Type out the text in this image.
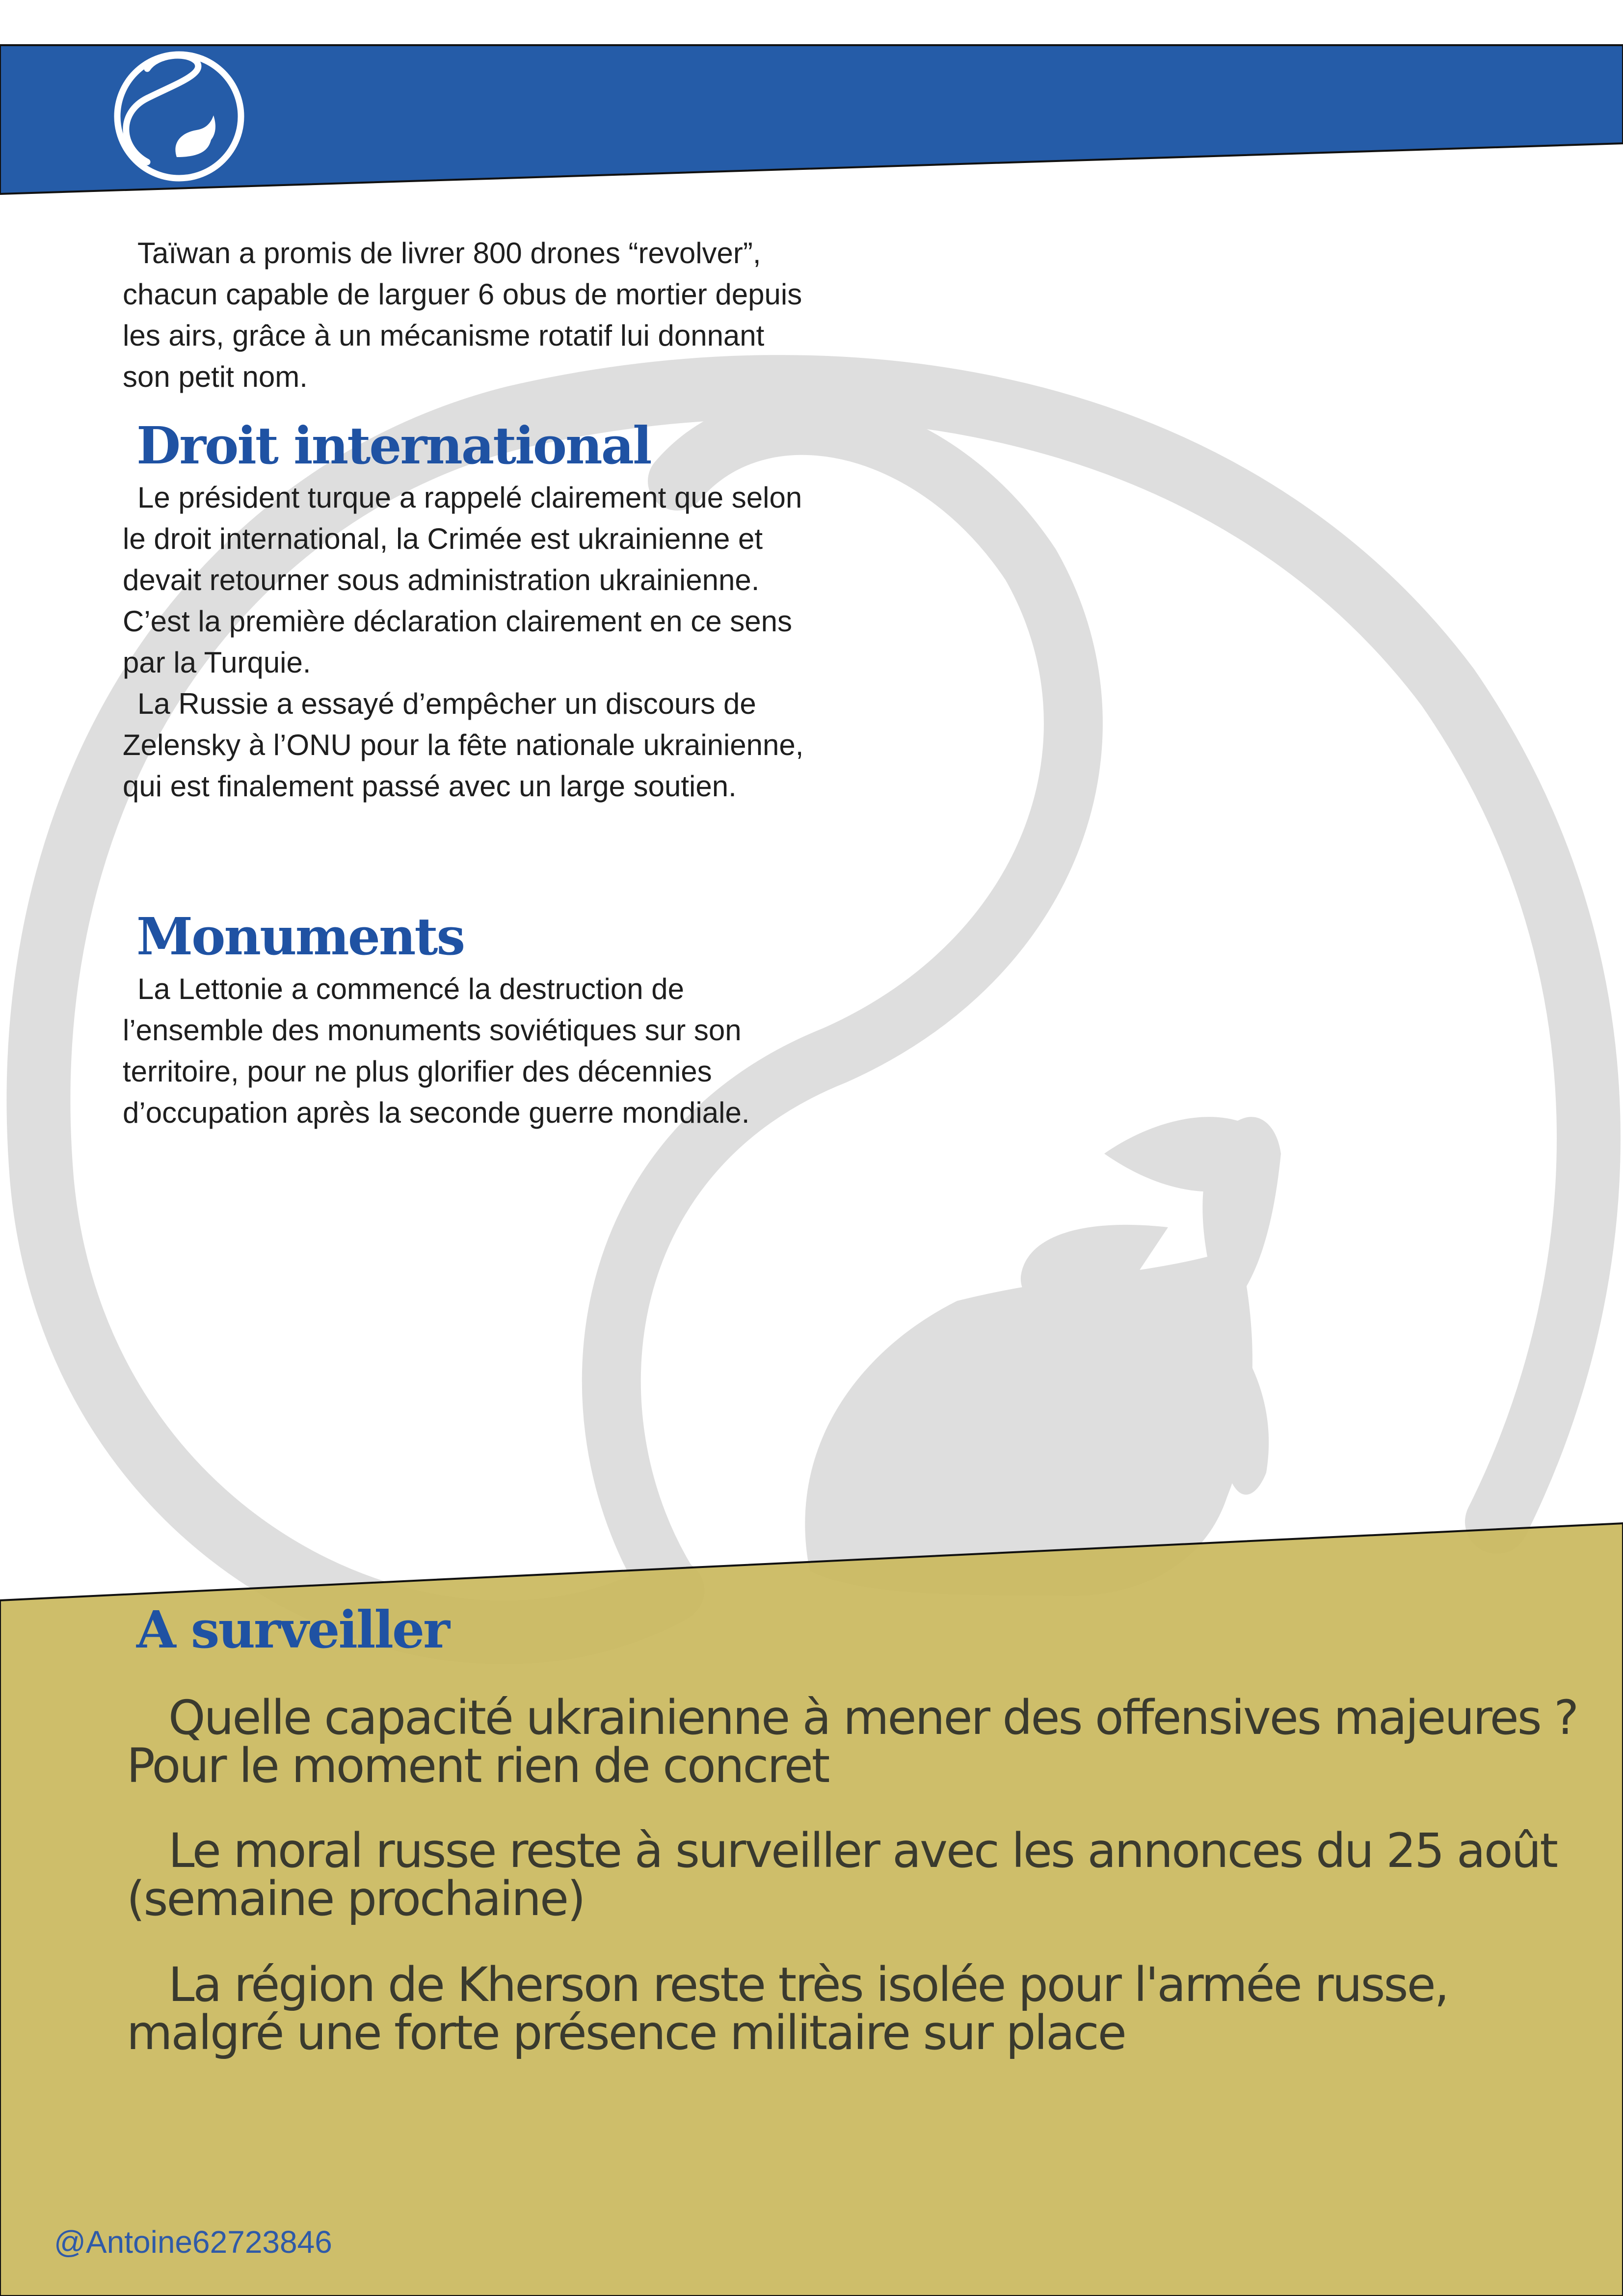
Taïwan a promis de livrer 800 drones “revolver”, chacun capable de larguer 6 obus de mortier depuis les airs, grâce à un mécanisme rotatif lui donnant son petit nom.

Droit international

Le président turque a rappelé clairement que selon le droit international, la Crimée est ukrainienne et devait retourner sous administration ukrainienne. C’est la première déclaration clairement en ce sens par la Turquie.

La Russie a essayé d’empêcher un discours de Zelensky à l’ONU pour la fête nationale ukrainienne, qui est finalement passé avec un large soutien.

Monuments

La Lettonie a commencé la destruction de l’ensemble des monuments soviétiques sur son territoire, pour ne plus glorifier des décennies d’occupation après la seconde guerre mondiale.

A surveiller

Quelle capacité ukrainienne à mener des offensives majeures ? Pour le moment rien de concret

Le moral russe reste à surveiller avec les annonces du 25 août (semaine prochaine)

La région de Kherson reste très isolée pour l'armée russe, malgré une forte présence militaire sur place

@Antoine62723846
